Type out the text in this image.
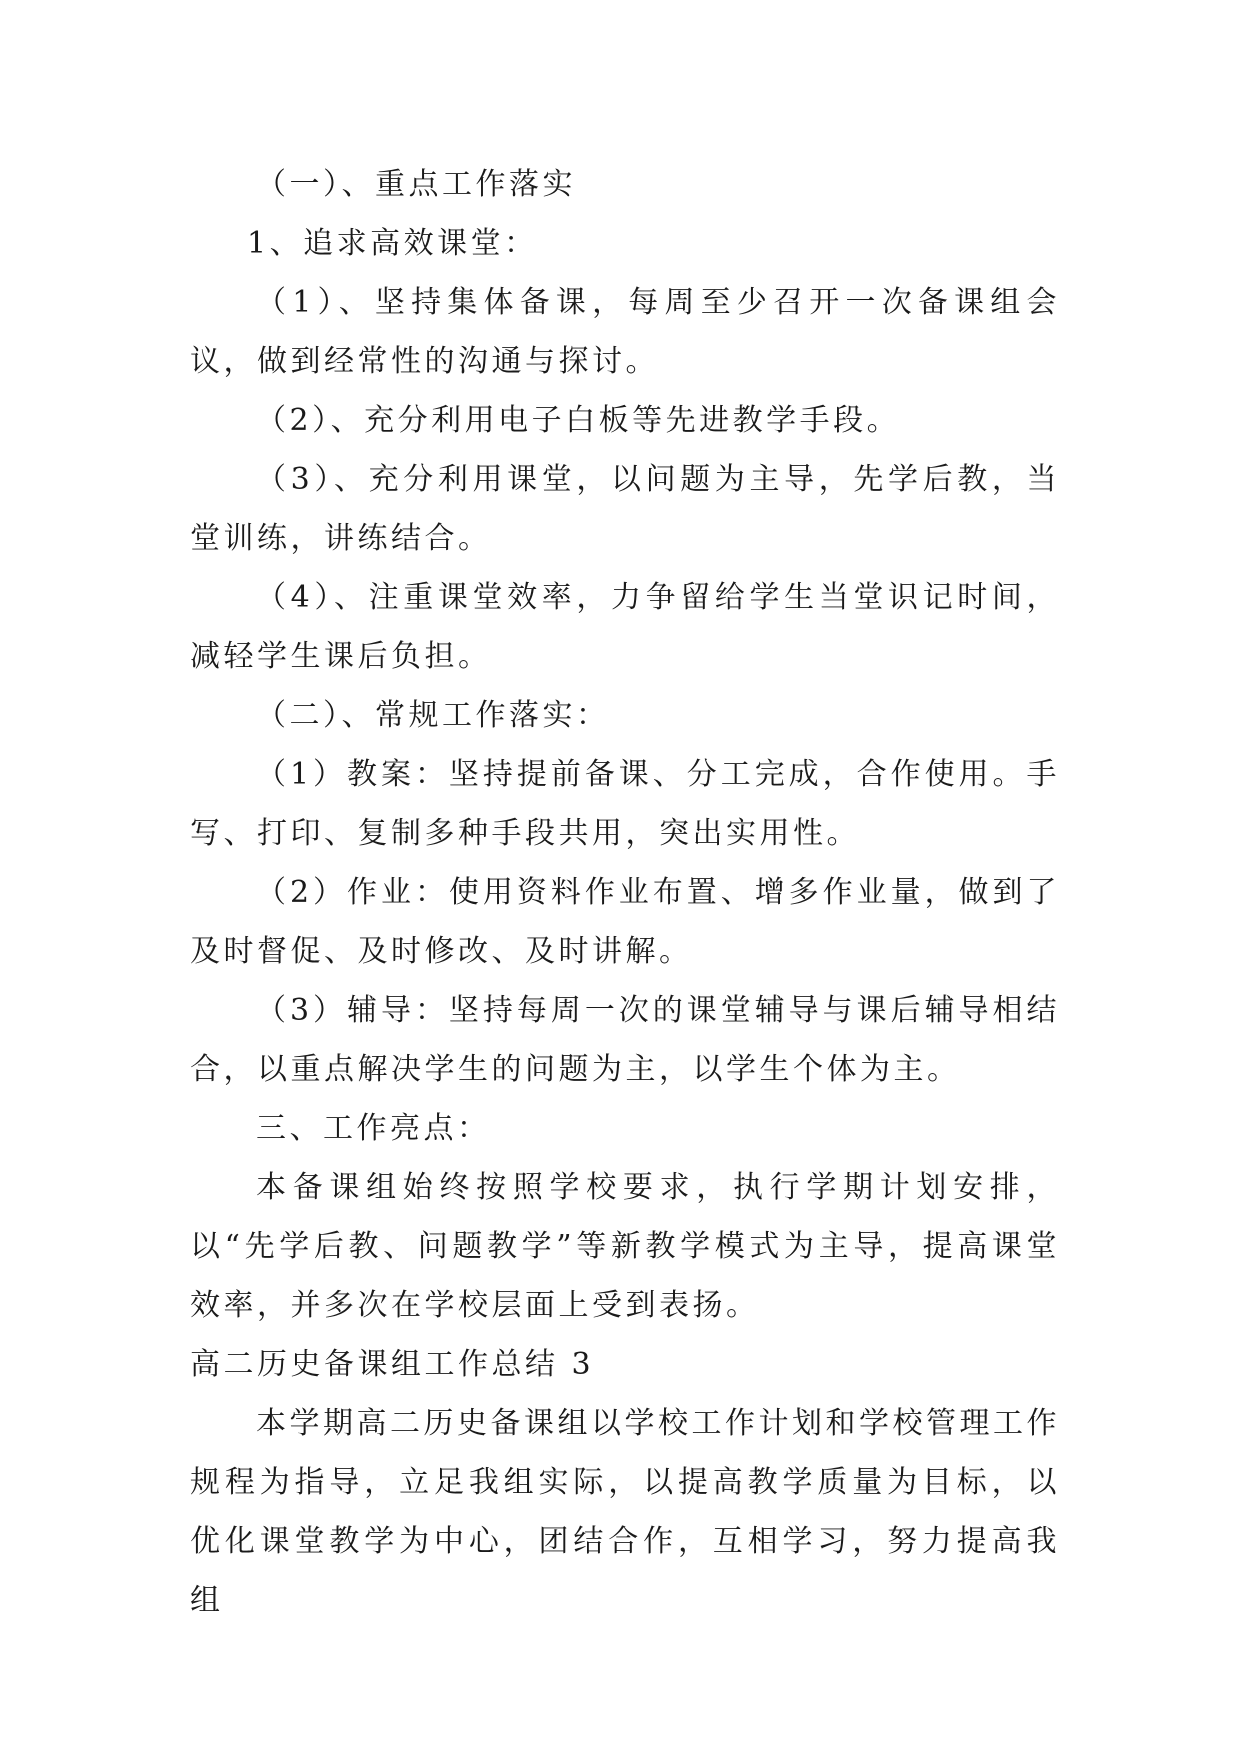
（一）、重点工作落实

1、追求高效课堂：

（1）、坚持集体备课，每周至少召开一次备课组会议，做到经常性的沟通与探讨。

（2）、充分利用电子白板等先进教学手段。

（3）、充分利用课堂，以问题为主导，先学后教，当堂训练，讲练结合。

（4）、注重课堂效率，力争留给学生当堂识记时间，减轻学生课后负担。

（二）、常规工作落实：

（1）教案：坚持提前备课、分工完成，合作使用。手写、打印、复制多种手段共用，突出实用性。

（2）作业：使用资料作业布置、增多作业量，做到了及时督促、及时修改、及时讲解。

（3）辅导：坚持每周一次的课堂辅导与课后辅导相结合，以重点解决学生的问题为主，以学生个体为主。

三、工作亮点：

本备课组始终按照学校要求，执行学期计划安排，以“先学后教、问题教学”等新教学模式为主导，提高课堂效率，并多次在学校层面上受到表扬。

高二历史备课组工作总结 3

本学期高二历史备课组以学校工作计划和学校管理工作规程为指导，立足我组实际，以提高教学质量为目标，以优化课堂教学为中心，团结合作，互相学习，努力提高我组
